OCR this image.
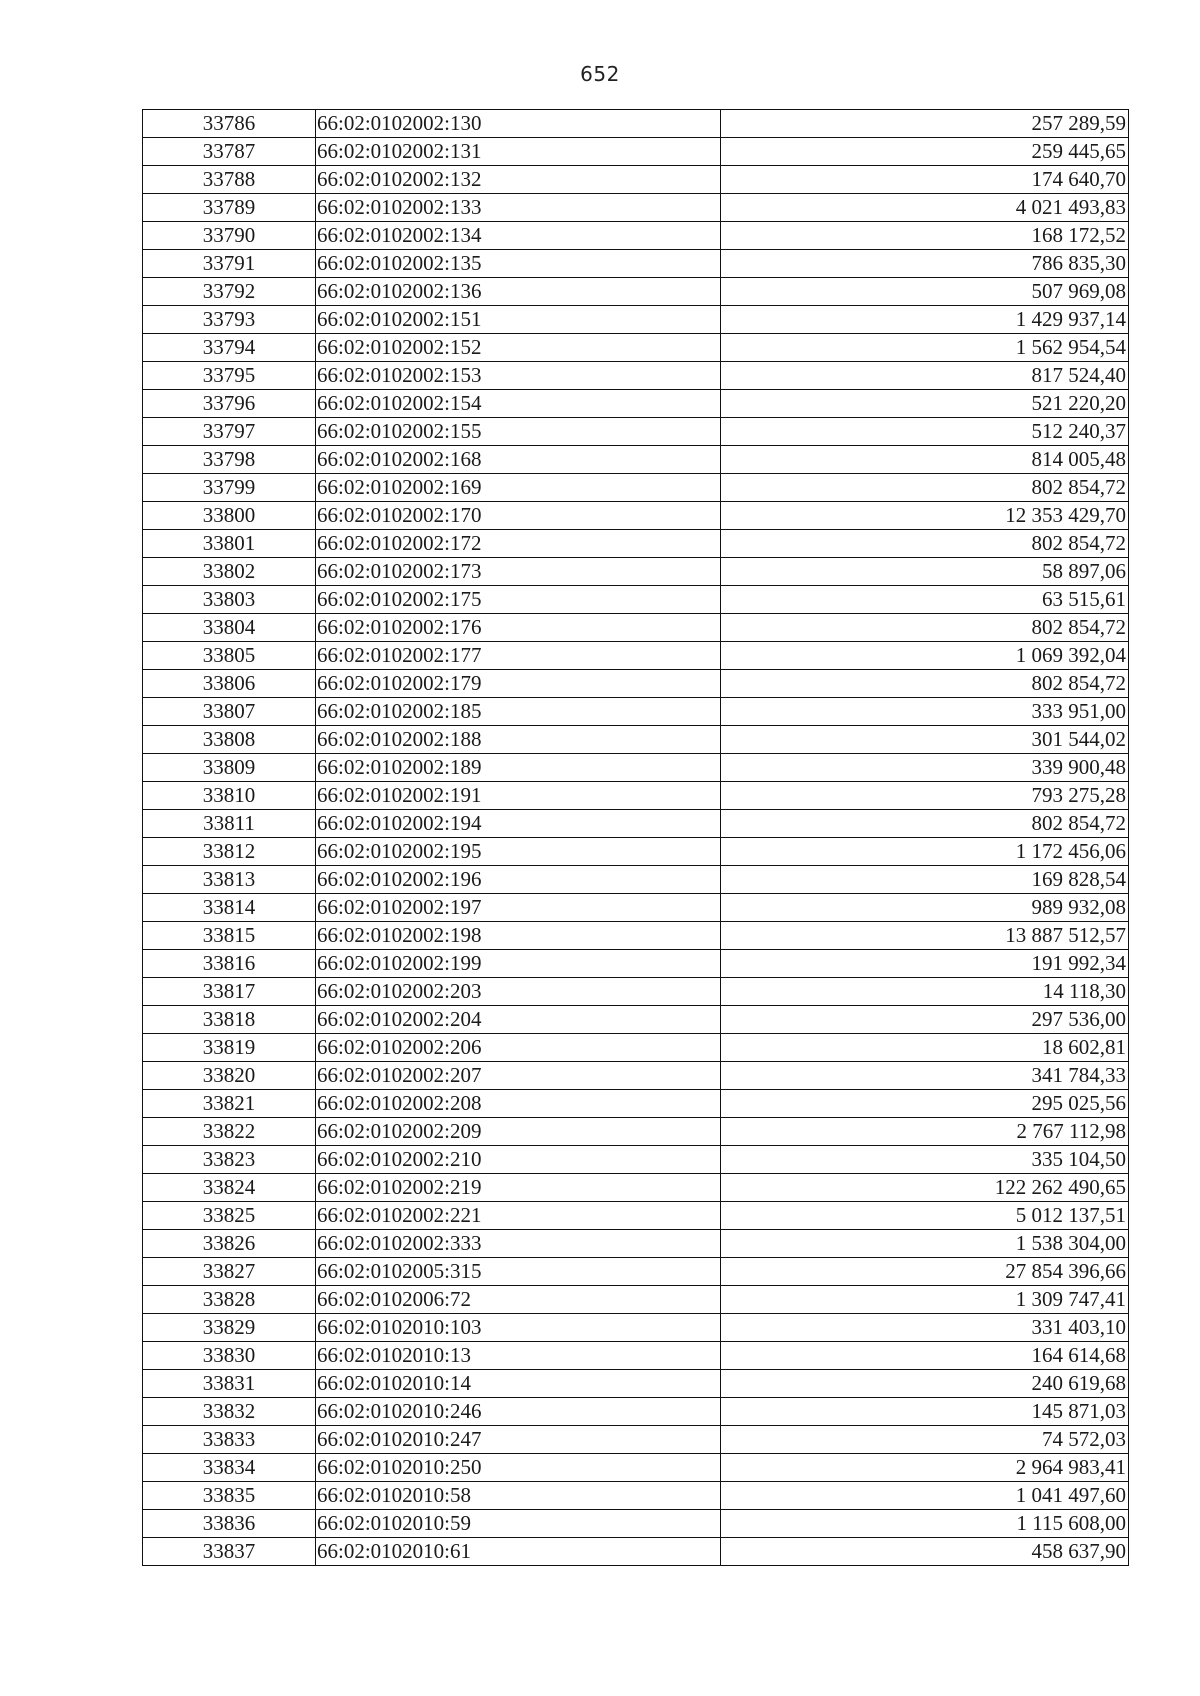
652
33786	66:02:0102002:130	257 289,59
33787	66:02:0102002:131	259 445,65
33788	66:02:0102002:132	174 640,70
33789	66:02:0102002:133	4 021 493,83
33790	66:02:0102002:134	168 172,52
33791	66:02:0102002:135	786 835,30
33792	66:02:0102002:136	507 969,08
33793	66:02:0102002:151	1 429 937,14
33794	66:02:0102002:152	1 562 954,54
33795	66:02:0102002:153	817 524,40
33796	66:02:0102002:154	521 220,20
33797	66:02:0102002:155	512 240,37
33798	66:02:0102002:168	814 005,48
33799	66:02:0102002:169	802 854,72
33800	66:02:0102002:170	12 353 429,70
33801	66:02:0102002:172	802 854,72
33802	66:02:0102002:173	58 897,06
33803	66:02:0102002:175	63 515,61
33804	66:02:0102002:176	802 854,72
33805	66:02:0102002:177	1 069 392,04
33806	66:02:0102002:179	802 854,72
33807	66:02:0102002:185	333 951,00
33808	66:02:0102002:188	301 544,02
33809	66:02:0102002:189	339 900,48
33810	66:02:0102002:191	793 275,28
33811	66:02:0102002:194	802 854,72
33812	66:02:0102002:195	1 172 456,06
33813	66:02:0102002:196	169 828,54
33814	66:02:0102002:197	989 932,08
33815	66:02:0102002:198	13 887 512,57
33816	66:02:0102002:199	191 992,34
33817	66:02:0102002:203	14 118,30
33818	66:02:0102002:204	297 536,00
33819	66:02:0102002:206	18 602,81
33820	66:02:0102002:207	341 784,33
33821	66:02:0102002:208	295 025,56
33822	66:02:0102002:209	2 767 112,98
33823	66:02:0102002:210	335 104,50
33824	66:02:0102002:219	122 262 490,65
33825	66:02:0102002:221	5 012 137,51
33826	66:02:0102002:333	1 538 304,00
33827	66:02:0102005:315	27 854 396,66
33828	66:02:0102006:72	1 309 747,41
33829	66:02:0102010:103	331 403,10
33830	66:02:0102010:13	164 614,68
33831	66:02:0102010:14	240 619,68
33832	66:02:0102010:246	145 871,03
33833	66:02:0102010:247	74 572,03
33834	66:02:0102010:250	2 964 983,41
33835	66:02:0102010:58	1 041 497,60
33836	66:02:0102010:59	1 115 608,00
33837	66:02:0102010:61	458 637,90
